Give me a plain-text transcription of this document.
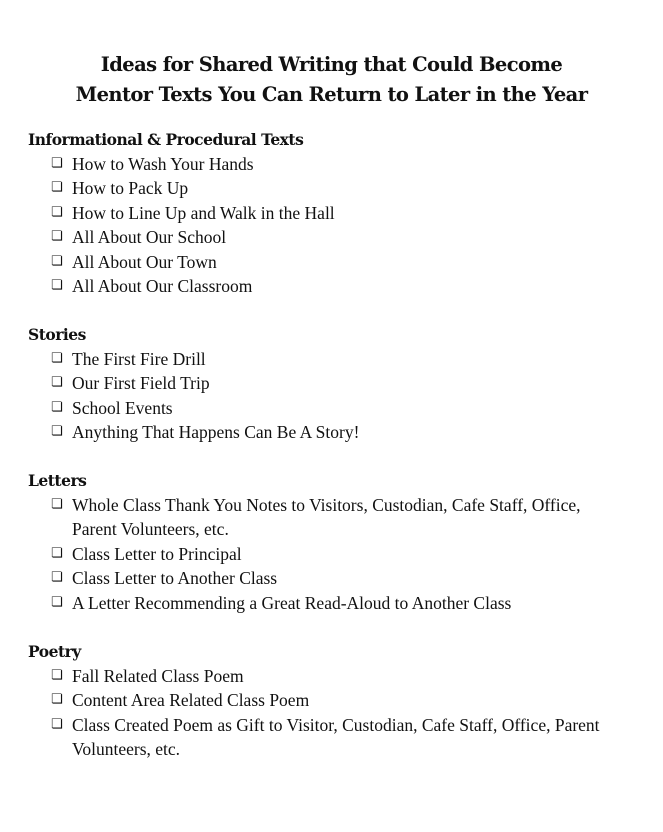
Ideas for Shared Writing that Could Become
Mentor Texts You Can Return to Later in the Year
Informational & Procedural Texts
❏ How to Wash Your Hands
❏ How to Pack Up
❏ How to Line Up and Walk in the Hall
❏ All About Our School
❏ All About Our Town
❏ All About Our Classroom
Stories
❏ The First Fire Drill
❏ Our First Field Trip
❏ School Events
❏ Anything That Happens Can Be A Story!
Letters
❏ Whole Class Thank You Notes to Visitors, Custodian, Cafe Staff, Office, Parent Volunteers, etc.
❏ Class Letter to Principal
❏ Class Letter to Another Class
❏ A Letter Recommending a Great Read-Aloud to Another Class
Poetry
❏ Fall Related Class Poem
❏ Content Area Related Class Poem
❏ Class Created Poem as Gift to Visitor, Custodian, Cafe Staff, Office, Parent Volunteers, etc.
